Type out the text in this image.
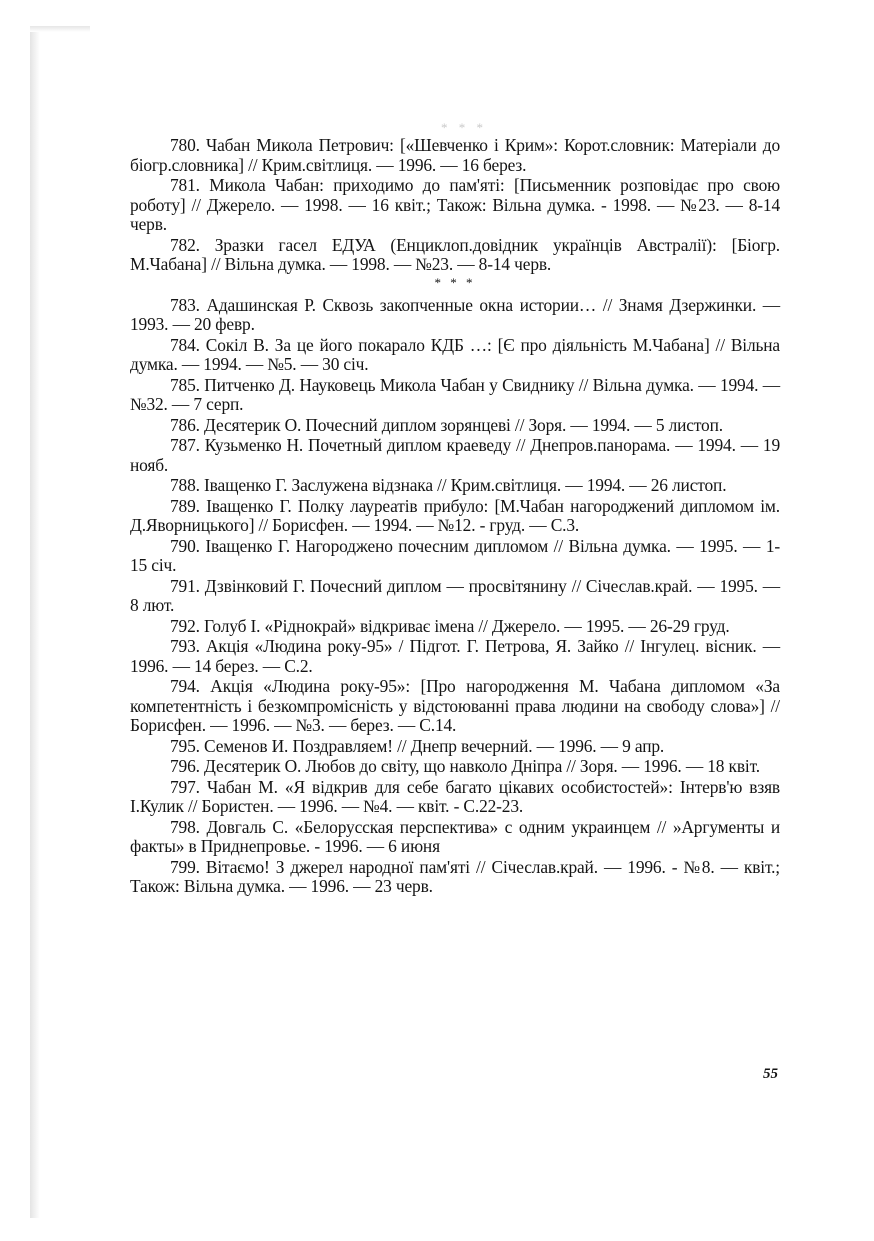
* * *

780. Чабан Микола Петрович: [«Шевченко і Крим»: Корот.словник: Матеріали до біогр.словника] // Крим.світлиця. — 1996. — 16 берез.

781. Микола Чабан: приходимо до пам'яті: [Письменник розповідає про свою роботу] // Джерело. — 1998. — 16 квіт.; Також: Вільна думка. - 1998. — №23. — 8-14 черв.

782. Зразки гасел ЕДУА (Енциклоп.довідник українців Австралії): [Біогр. М.Чабана] // Вільна думка. — 1998. — №23. — 8-14 черв.

* * *

783. Адашинская Р. Сквозь закопченные окна истории… // Знамя Дзержинки. — 1993. — 20 февр.

784. Сокіл В. За це його покарало КДБ …: [Є про діяльність М.Чабана] // Вільна думка. — 1994. — №5. — 30 січ.

785. Питченко Д. Науковець Микола Чабан у Свиднику // Вільна думка. — 1994. — №32. — 7 серп.

786. Десятерик О. Почесний диплом зорянцеві // Зоря. — 1994. — 5 листоп.

787. Кузьменко Н. Почетный диплом краеведу // Днепров.панорама. — 1994. — 19 нояб.

788. Іващенко Г. Заслужена відзнака // Крим.світлиця. — 1994. — 26 листоп.

789. Іващенко Г. Полку лауреатів прибуло: [М.Чабан нагороджений дипломом ім. Д.Яворницького] // Борисфен. — 1994. — №12. - груд. — С.3.

790. Іващенко Г. Нагороджено почесним дипломом // Вільна думка. — 1995. — 1-15 січ.

791. Дзвінковий Г. Почесний диплом — просвітянину // Січеслав.край. — 1995. — 8 лют.

792. Голуб І. «Ріднокрай» відкриває імена // Джерело. — 1995. — 26-29 груд.

793. Акція «Людина року-95» / Підгот. Г. Петрова, Я. Зайко // Інгулец. вісник. — 1996. — 14 берез. — С.2.

794. Акція «Людина року-95»: [Про нагородження М. Чабана дипломом «За компетентність і безкомпромісність у відстоюванні права людини на свободу слова»] // Борисфен. — 1996. — №3. — берез. — С.14.

795. Семенов И. Поздравляем! // Днепр вечерний. — 1996. — 9 апр.

796. Десятерик О. Любов до світу, що навколо Дніпра // Зоря. — 1996. — 18 квіт.

797. Чабан М. «Я відкрив для себе багато цікавих особистостей»: Інтерв'ю взяв І.Кулик // Бористен. — 1996. — №4. — квіт. - С.22-23.

798. Довгаль С. «Белорусская перспектива» с одним украинцем // »Аргументы и факты» в Приднепровье. - 1996. — 6 июня

799. Вітаємо! З джерел народної пам'яті // Січеслав.край. — 1996. - №8. — квіт.; Також: Вільна думка. — 1996. — 23 черв.

55
